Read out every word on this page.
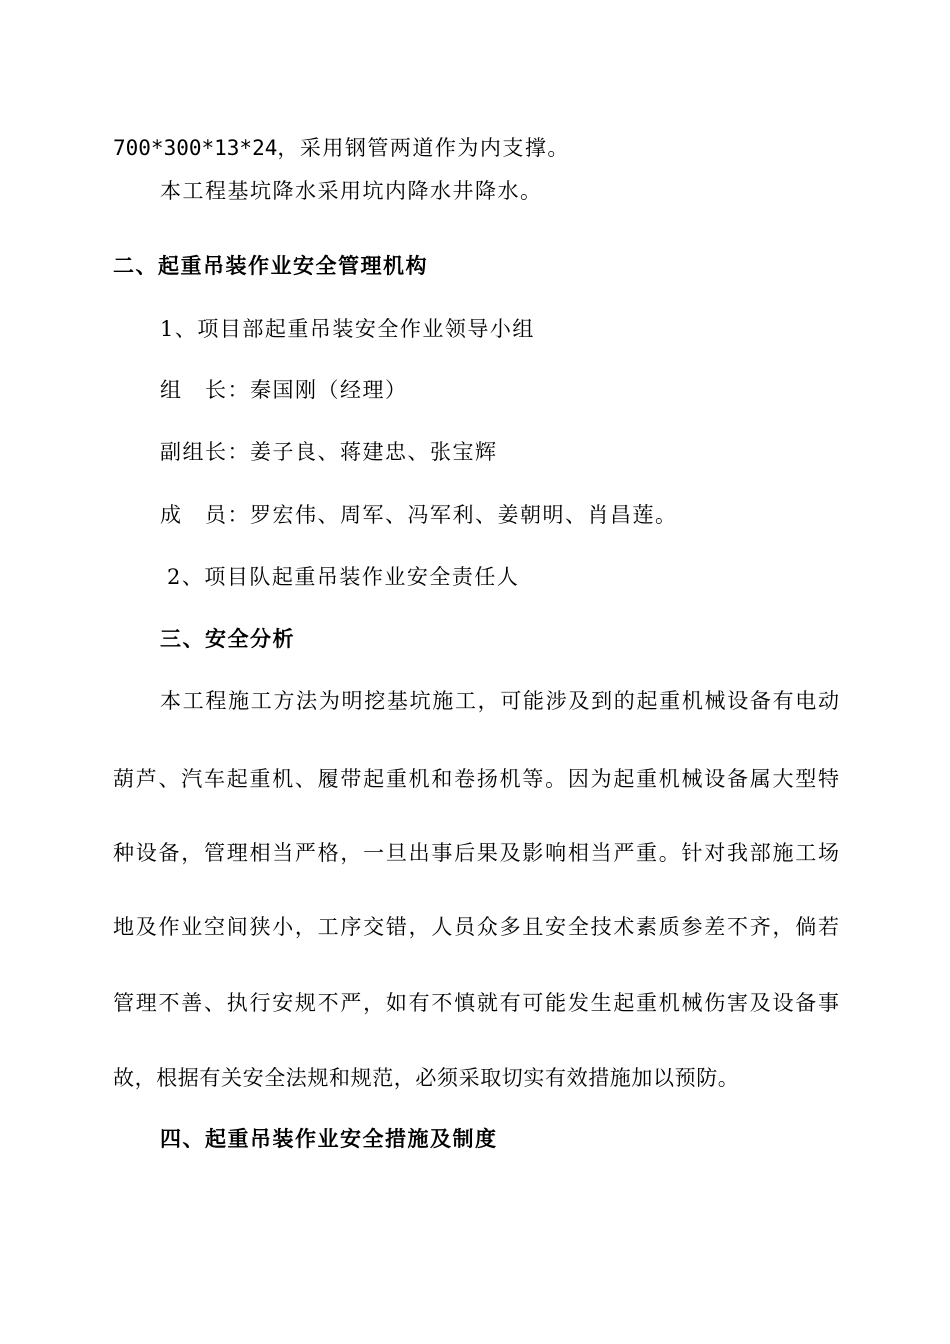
700*300*13*24，采用钢管两道作为内支撑。
本工程基坑降水采用坑内降水井降水。
二、起重吊装作业安全管理机构
1、项目部起重吊装安全作业领导小组
组　长：秦国刚（经理）
副组长：姜子良、蒋建忠、张宝辉
成　员：罗宏伟、周军、冯军利、姜朝明、肖昌莲。
2、项目队起重吊装作业安全责任人
三、安全分析
本工程施工方法为明挖基坑施工，可能涉及到的起重机械设备有电动
葫芦、汽车起重机、履带起重机和卷扬机等。因为起重机械设备属大型特
种设备，管理相当严格，一旦出事后果及影响相当严重。针对我部施工场
地及作业空间狭小，工序交错，人员众多且安全技术素质参差不齐，倘若
管理不善、执行安规不严，如有不慎就有可能发生起重机械伤害及设备事
故，根据有关安全法规和规范，必须采取切实有效措施加以预防。
四、起重吊装作业安全措施及制度
